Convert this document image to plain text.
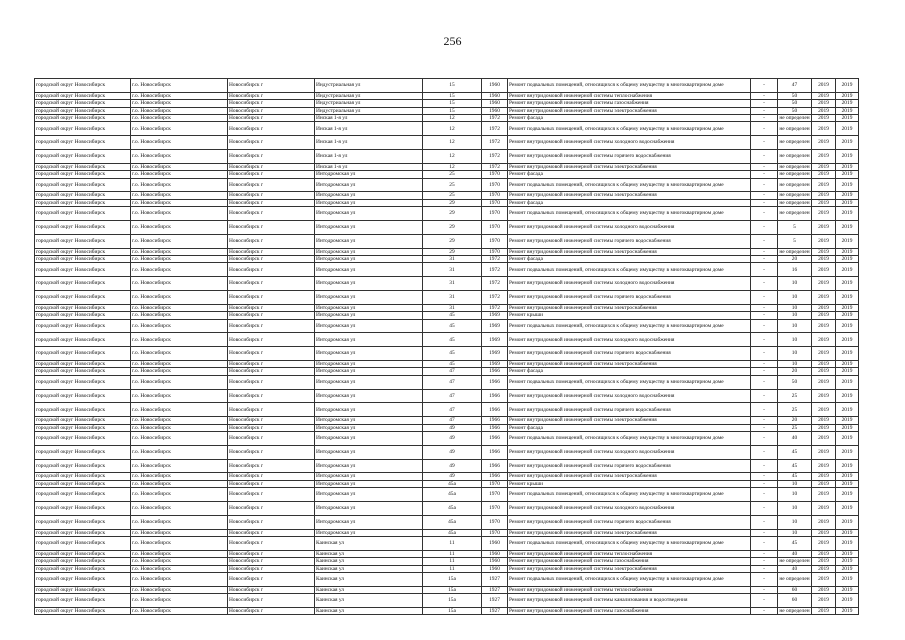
256
городской округ Новосибирск	г.о. Новосибирск	Новосибирск г	Индустриальная ул	15	1960	Ремонт подвальных помещений, относящихся к общему имуществу в многоквартирном доме	-	47	2019	2019
городской округ Новосибирск	г.о. Новосибирск	Новосибирск г	Индустриальная ул	15	1960	Ремонт внутридомовой инженерной системы теплоснабжения	-	50	2019	2019
городской округ Новосибирск	г.о. Новосибирск	Новосибирск г	Индустриальная ул	15	1960	Ремонт внутридомовой инженерной системы газоснабжения	-	50	2019	2019
городской округ Новосибирск	г.о. Новосибирск	Новосибирск г	Индустриальная ул	15	1960	Ремонт внутридомовой инженерной системы электроснабжения	-	50	2019	2019
городской округ Новосибирск	г.о. Новосибирск	Новосибирск г	Инская 1-я ул	12	1972	Ремонт фасада	-	не определен	2019	2019
городской округ Новосибирск	г.о. Новосибирск	Новосибирск г	Инская 1-я ул	12	1972	Ремонт подвальных помещений, относящихся к общему имуществу в многоквартирном доме	-	не определен	2019	2019
городской округ Новосибирск	г.о. Новосибирск	Новосибирск г	Инская 1-я ул	12	1972	Ремонт внутридомовой инженерной системы холодного водоснабжения	-	не определен	2019	2019
городской округ Новосибирск	г.о. Новосибирск	Новосибирск г	Инская 1-я ул	12	1972	Ремонт внутридомовой инженерной системы горячего водоснабжения	-	не определен	2019	2019
городской округ Новосибирск	г.о. Новосибирск	Новосибирск г	Инская 1-я ул	12	1972	Ремонт внутридомовой инженерной системы электроснабжения	-	не определен	2019	2019
городской округ Новосибирск	г.о. Новосибирск	Новосибирск г	Интодромская ул	25	1970	Ремонт фасада	-	не определен	2019	2019
городской округ Новосибирск	г.о. Новосибирск	Новосибирск г	Интодромская ул	25	1970	Ремонт подвальных помещений, относящихся к общему имуществу в многоквартирном доме	-	не определен	2019	2019
городской округ Новосибирск	г.о. Новосибирск	Новосибирск г	Интодромская ул	25	1970	Ремонт внутридомовой инженерной системы электроснабжения	-	не определен	2019	2019
городской округ Новосибирск	г.о. Новосибирск	Новосибирск г	Интодромская ул	29	1970	Ремонт фасада	-	не определен	2019	2019
городской округ Новосибирск	г.о. Новосибирск	Новосибирск г	Интодромская ул	29	1970	Ремонт подвальных помещений, относящихся к общему имуществу в многоквартирном доме	-	не определен	2019	2019
городской округ Новосибирск	г.о. Новосибирск	Новосибирск г	Интодромская ул	29	1970	Ремонт внутридомовой инженерной системы холодного водоснабжения	-	5	2019	2019
городской округ Новосибирск	г.о. Новосибирск	Новосибирск г	Интодромская ул	29	1970	Ремонт внутридомовой инженерной системы горячего водоснабжения	-	5	2019	2019
городской округ Новосибирск	г.о. Новосибирск	Новосибирск г	Интодромская ул	29	1970	Ремонт внутридомовой инженерной системы электроснабжения	-	не определен	2019	2019
городской округ Новосибирск	г.о. Новосибирск	Новосибирск г	Интодромская ул	31	1972	Ремонт фасада	-	20	2019	2019
городской округ Новосибирск	г.о. Новосибирск	Новосибирск г	Интодромская ул	31	1972	Ремонт подвальных помещений, относящихся к общему имуществу в многоквартирном доме	-	16	2019	2019
городской округ Новосибирск	г.о. Новосибирск	Новосибирск г	Интодромская ул	31	1972	Ремонт внутридомовой инженерной системы холодного водоснабжения	-	10	2019	2019
городской округ Новосибирск	г.о. Новосибирск	Новосибирск г	Интодромская ул	31	1972	Ремонт внутридомовой инженерной системы горячего водоснабжения	-	10	2019	2019
городской округ Новосибирск	г.о. Новосибирск	Новосибирск г	Интодромская ул	31	1972	Ремонт внутридомовой инженерной системы электроснабжения	-	10	2019	2019
городской округ Новосибирск	г.о. Новосибирск	Новосибирск г	Интодромская ул	45	1969	Ремонт крыши	-	10	2019	2019
городской округ Новосибирск	г.о. Новосибирск	Новосибирск г	Интодромская ул	45	1969	Ремонт подвальных помещений, относящихся к общему имуществу в многоквартирном доме	-	10	2019	2019
городской округ Новосибирск	г.о. Новосибирск	Новосибирск г	Интодромская ул	45	1969	Ремонт внутридомовой инженерной системы холодного водоснабжения	-	10	2019	2019
городской округ Новосибирск	г.о. Новосибирск	Новосибирск г	Интодромская ул	45	1969	Ремонт внутридомовой инженерной системы горячего водоснабжения	-	10	2019	2019
городской округ Новосибирск	г.о. Новосибирск	Новосибирск г	Интодромская ул	45	1969	Ремонт внутридомовой инженерной системы электроснабжения	-	10	2019	2019
городской округ Новосибирск	г.о. Новосибирск	Новосибирск г	Интодромская ул	47	1966	Ремонт фасада	-	20	2019	2019
городской округ Новосибирск	г.о. Новосибирск	Новосибирск г	Интодромская ул	47	1966	Ремонт подвальных помещений, относящихся к общему имуществу в многоквартирном доме	-	50	2019	2019
городской округ Новосибирск	г.о. Новосибирск	Новосибирск г	Интодромская ул	47	1966	Ремонт внутридомовой инженерной системы холодного водоснабжения	-	25	2019	2019
городской округ Новосибирск	г.о. Новосибирск	Новосибирск г	Интодромская ул	47	1966	Ремонт внутридомовой инженерной системы горячего водоснабжения	-	25	2019	2019
городской округ Новосибирск	г.о. Новосибирск	Новосибирск г	Интодромская ул	47	1966	Ремонт внутридомовой инженерной системы электроснабжения	-	20	2019	2019
городской округ Новосибирск	г.о. Новосибирск	Новосибирск г	Интодромская ул	49	1966	Ремонт фасада	-	25	2019	2019
городской округ Новосибирск	г.о. Новосибирск	Новосибирск г	Интодромская ул	49	1966	Ремонт подвальных помещений, относящихся к общему имуществу в многоквартирном доме	-	40	2019	2019
городской округ Новосибирск	г.о. Новосибирск	Новосибирск г	Интодромская ул	49	1966	Ремонт внутридомовой инженерной системы холодного водоснабжения	-	45	2019	2019
городской округ Новосибирск	г.о. Новосибирск	Новосибирск г	Интодромская ул	49	1966	Ремонт внутридомовой инженерной системы горячего водоснабжения	-	45	2019	2019
городской округ Новосибирск	г.о. Новосибирск	Новосибирск г	Интодромская ул	49	1966	Ремонт внутридомовой инженерной системы электроснабжения	-	45	2019	2019
городской округ Новосибирск	г.о. Новосибирск	Новосибирск г	Интодромская ул	45а	1970	Ремонт крыши	-	10	2019	2019
городской округ Новосибирск	г.о. Новосибирск	Новосибирск г	Интодромская ул	45а	1970	Ремонт подвальных помещений, относящихся к общему имуществу в многоквартирном доме	-	10	2019	2019
городской округ Новосибирск	г.о. Новосибирск	Новосибирск г	Интодромская ул	45а	1970	Ремонт внутридомовой инженерной системы холодного водоснабжения	-	10	2019	2019
городской округ Новосибирск	г.о. Новосибирск	Новосибирск г	Интодромская ул	45а	1970	Ремонт внутридомовой инженерной системы горячего водоснабжения	-	10	2019	2019
городской округ Новосибирск	г.о. Новосибирск	Новосибирск г	Интодромская ул	45а	1970	Ремонт внутридомовой инженерной системы электроснабжения	-	10	2019	2019
городской округ Новосибирск	г.о. Новосибирск	Новосибирск г	Каинская ул	11	1960	Ремонт подвальных помещений, относящихся к общему имуществу в многоквартирном доме	-	45	2019	2019
городской округ Новосибирск	г.о. Новосибирск	Новосибирск г	Каинская ул	11	1960	Ремонт внутридомовой инженерной системы теплоснабжения	-	40	2019	2019
городской округ Новосибирск	г.о. Новосибирск	Новосибирск г	Каинская ул	11	1960	Ремонт внутридомовой инженерной системы газоснабжения	-	не определен	2019	2019
городской округ Новосибирск	г.о. Новосибирск	Новосибирск г	Каинская ул	11	1960	Ремонт внутридомовой инженерной системы электроснабжения	-	40	2019	2019
городской округ Новосибирск	г.о. Новосибирск	Новосибирск г	Каинская ул	15а	1927	Ремонт подвальных помещений, относящихся к общему имуществу в многоквартирном доме	-	не определен	2019	2019
городской округ Новосибирск	г.о. Новосибирск	Новосибирск г	Каинская ул	15а	1927	Ремонт внутридомовой инженерной системы теплоснабжения	-	60	2019	2019
городской округ Новосибирск	г.о. Новосибирск	Новосибирск г	Каинская ул	15а	1927	Ремонт внутридомовой инженерной системы канализования и водоотведения	-	60	2019	2019
городской округ Новосибирск	г.о. Новосибирск	Новосибирск г	Каинская ул	15а	1927	Ремонт внутридомовой инженерной системы газоснабжения	-	не определен	2019	2019
